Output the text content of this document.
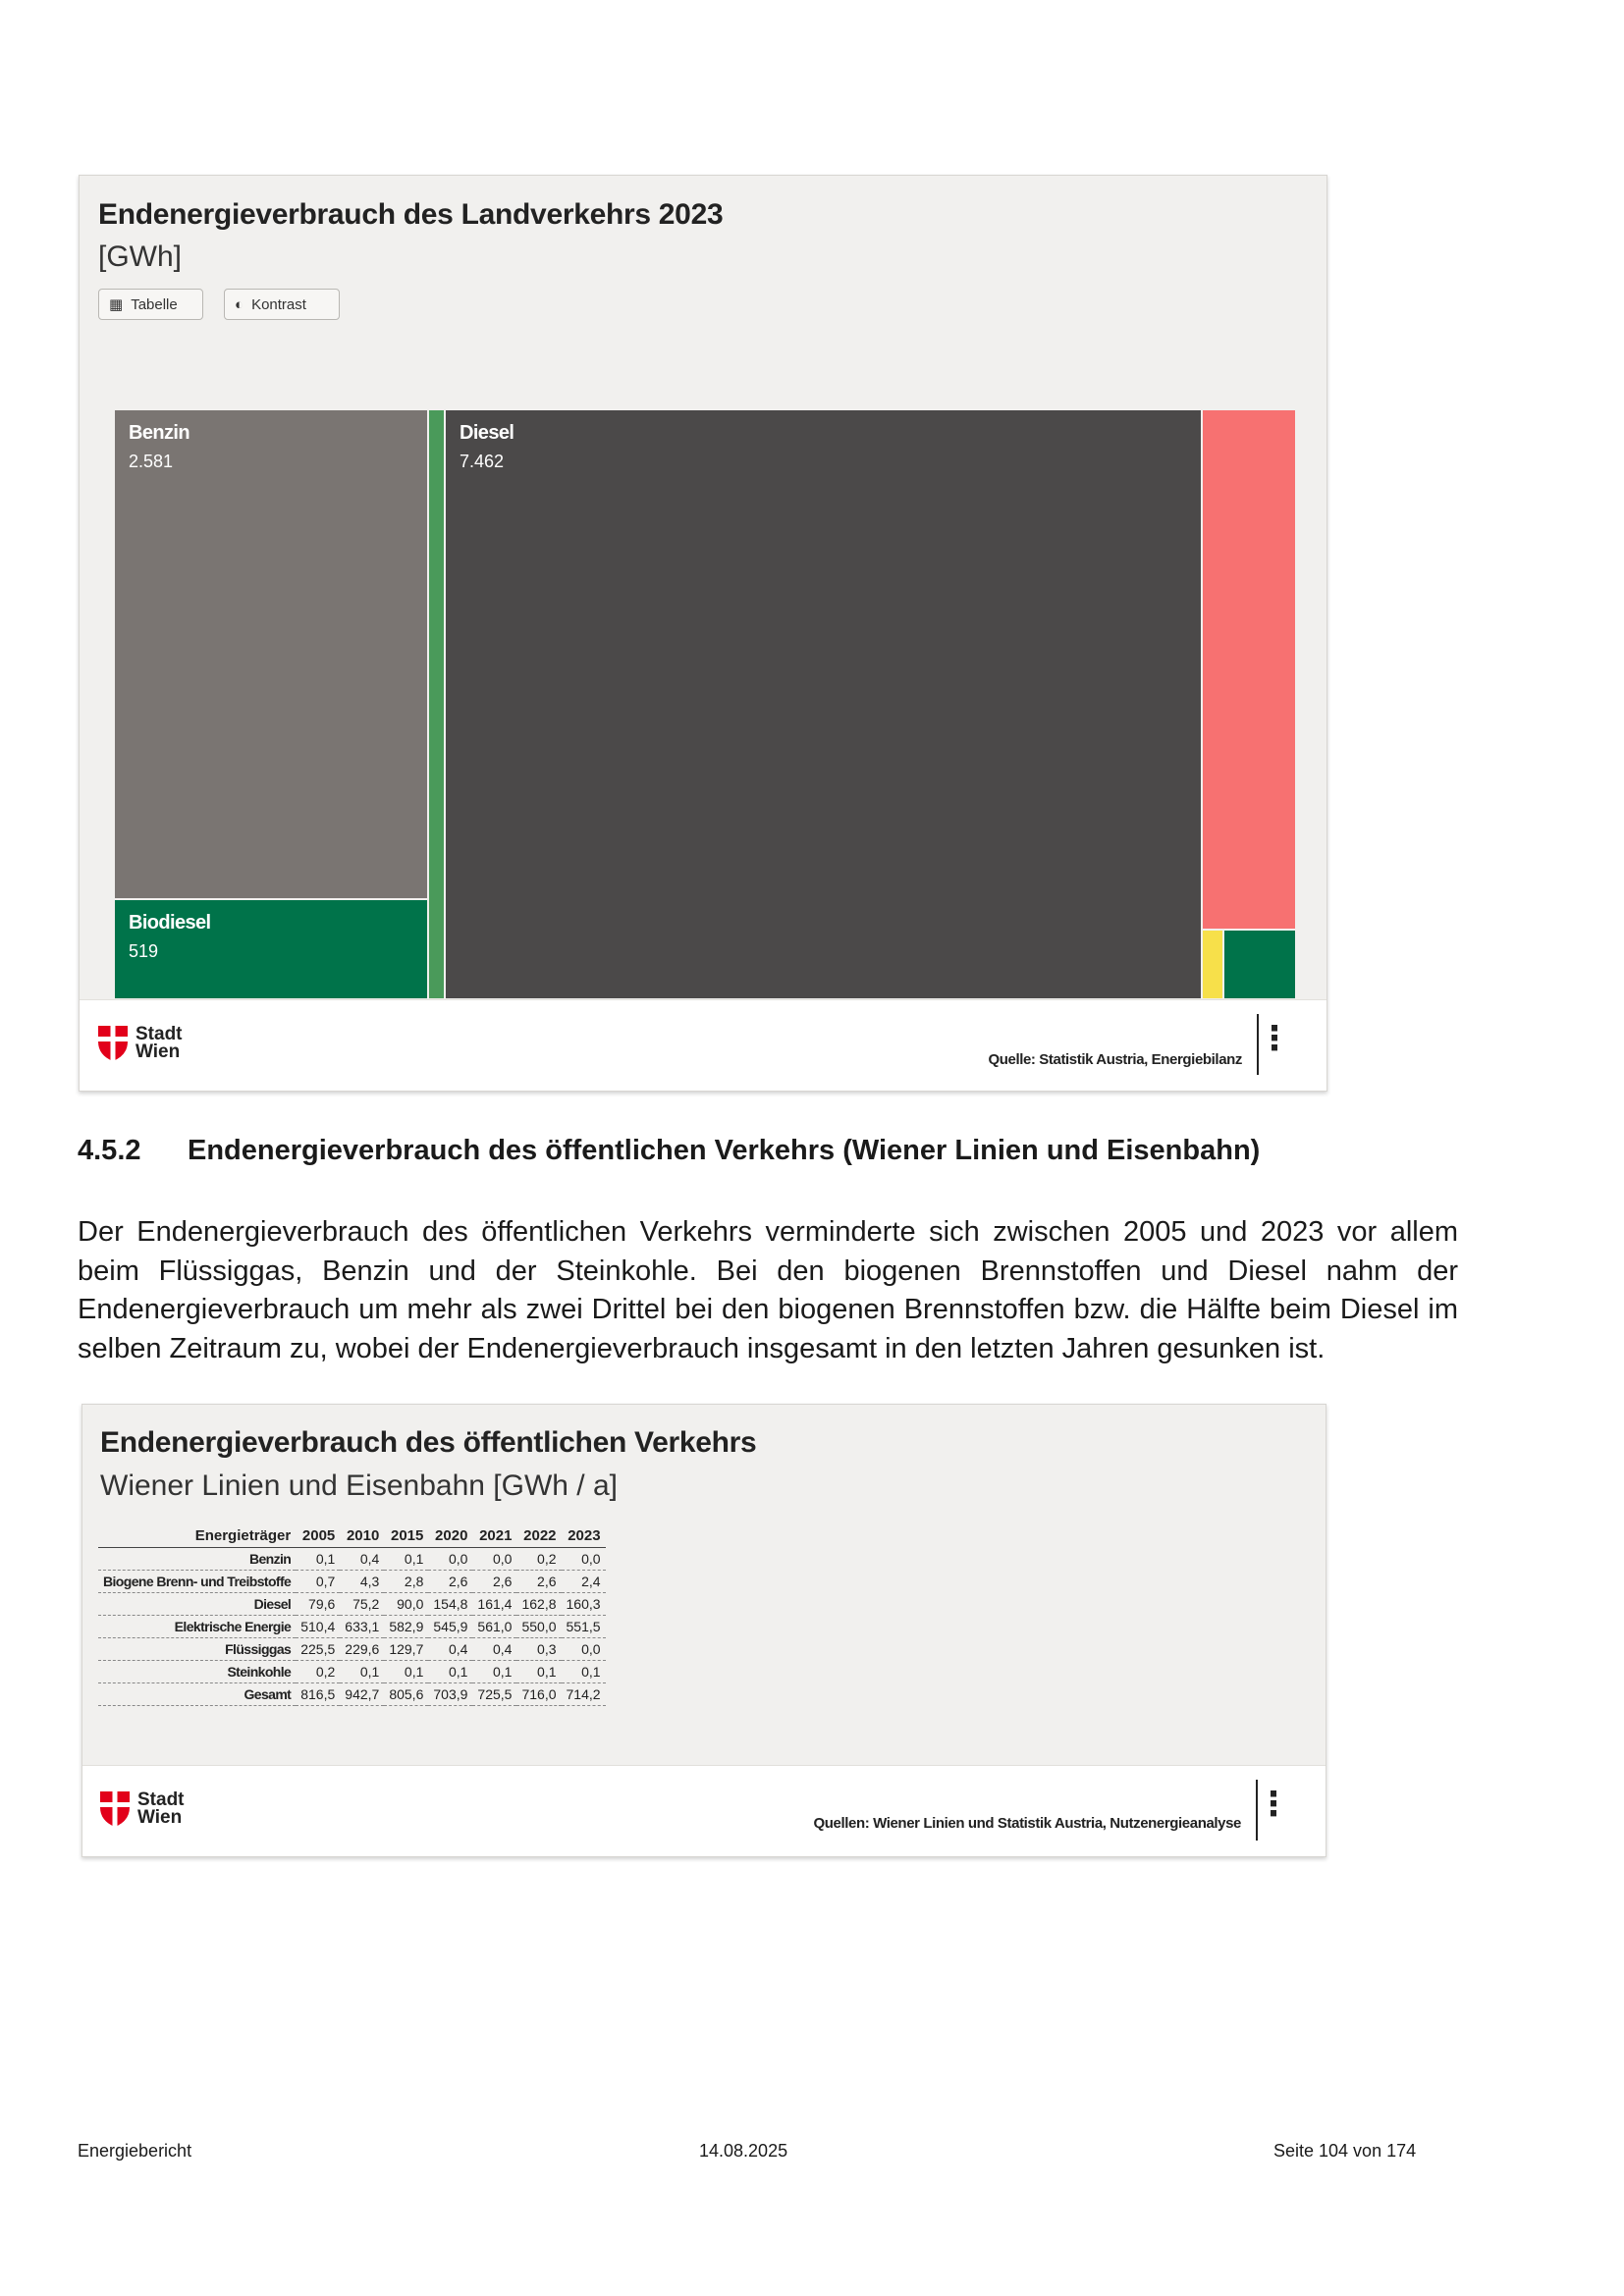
Endenergieverbrauch des Landverkehrs 2023
[GWh]
▦ Tabelle	◐ Kontrast
Benzin
2.581
Biodiesel
519
Diesel
7.462
Stadt
Wien	Quelle: Statistik Austria, Energiebilanz
⋮
4.5.2 Endenergieverbrauch des öffentlichen Verkehrs (Wiener Linien und Eisenbahn)
Der Endenergieverbrauch des öffentlichen Verkehrs verminderte sich zwischen 2005 und 2023 vor allem beim Flüssiggas, Benzin und der Steinkohle. Bei den biogenen Brennstoffen und Diesel nahm der Endenergieverbrauch um mehr als zwei Drittel bei den biogenen Brennstoffen bzw. die Hälfte beim Diesel im selben Zeitraum zu, wobei der Endenergieverbrauch insgesamt in den letzten Jahren gesunken ist.
Endenergieverbrauch des öffentlichen Verkehrs
Wiener Linien und Eisenbahn [GWh / a]
Energieträger	2005	2010	2015	2020	2021	2022	2023
Benzin	0,1	0,4	0,1	0,0	0,0	0,2	0,0
Biogene Brenn- und Treibstoffe	0,7	4,3	2,8	2,6	2,6	2,6	2,4
Diesel	79,6	75,2	90,0	154,8	161,4	162,8	160,3
Elektrische Energie	510,4	633,1	582,9	545,9	561,0	550,0	551,5
Flüssiggas	225,5	229,6	129,7	0,4	0,4	0,3	0,0
Steinkohle	0,2	0,1	0,1	0,1	0,1	0,1	0,1
Gesamt	816,5	942,7	805,6	703,9	725,5	716,0	714,2
Stadt
Wien	Quellen: Wiener Linien und Statistik Austria, Nutzenergieanalyse
⋮
Energiebericht	14.08.2025	Seite 104 von 174
